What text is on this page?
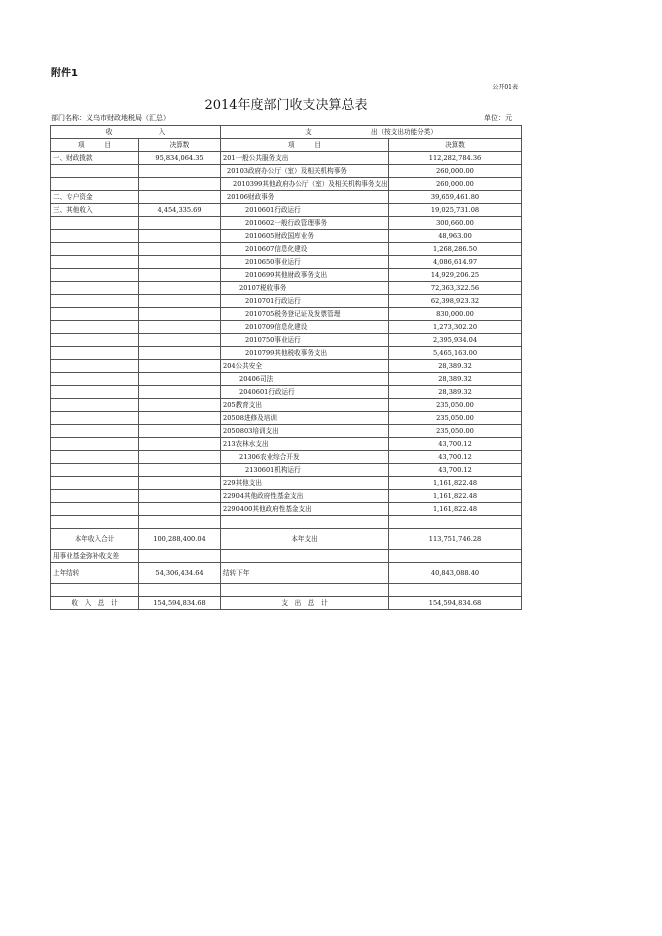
附件1
公开01表
2014年度部门收支决算总表
部门名称：义乌市财政地税局（汇总）	单位：元
收　　　　　　　入		支　　　　　　　　　出（按支出功能分类）	
项　　　目	决算数	项　　　目	决算数
一、财政拨款	95,834,064.35	201一般公共服务支出	112,282,784.36
		20103政府办公厅（室）及相关机构事务	260,000.00
		2010399其他政府办公厅（室）及相关机构事务支出	260,000.00
二、专户资金		20106财政事务	39,659,461.80
三、其他收入	4,454,335.69	2010601行政运行	19,025,731.08
		2010602一般行政管理事务	300,660.00
		2010605财政国库业务	48,963.00
		2010607信息化建设	1,268,286.50
		2010650事业运行	4,086,614.97
		2010699其他财政事务支出	14,929,206.25
		20107税收事务	72,363,322.56
		2010701行政运行	62,398,923.32
		2010705税务登记证及发票管理	830,000.00
		2010709信息化建设	1,273,302.20
		2010750事业运行	2,395,934.04
		2010799其他税收事务支出	5,465,163.00
		204公共安全	28,389.32
		20406司法	28,389.32
		2040601行政运行	28,389.32
		205教育支出	235,050.00
		20508进修及培训	235,050.00
		2050803培训支出	235,050.00
		213农林水支出	43,700.12
		21306农业综合开发	43,700.12
		2130601机构运行	43,700.12
		229其他支出	1,161,822.48
		22904其他政府性基金支出	1,161,822.48
		2290400其他政府性基金支出	1,161,822.48

本年收入合计	100,288,400.04	本年支出	113,751,746.28
用事业基金弥补收支差			
上年结转	54,306,434.64	结转下年	40,843,088.40

收　入　总　计	154,594,834.68	支　出　总　计	154,594,834.68
